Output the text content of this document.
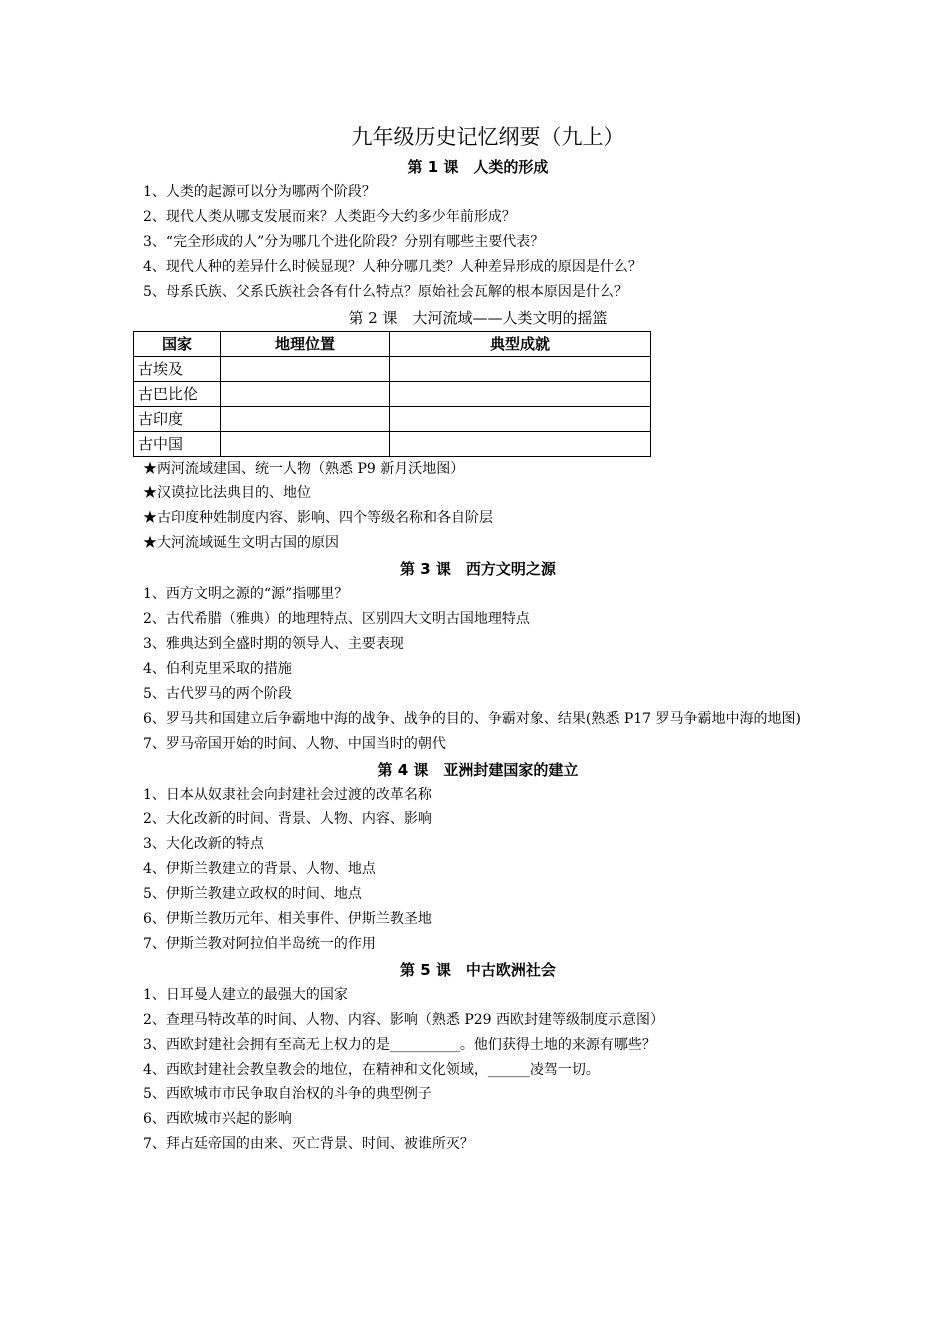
九年级历史记忆纲要（九上）
第 1 课　人类的形成
1、人类的起源可以分为哪两个阶段？
2、现代人类从哪支发展而来？人类距今大约多少年前形成？
3、“完全形成的人”分为哪几个进化阶段？分别有哪些主要代表？
4、现代人种的差异什么时候显现？人种分哪几类？人种差异形成的原因是什么？
5、母系氏族、父系氏族社会各有什么特点？原始社会瓦解的根本原因是什么？
第 2 课　大河流域——人类文明的摇篮
国家	地理位置	典型成就
古埃及		
古巴比伦		
古印度		
古中国		
★两河流域建国、统一人物（熟悉 P9 新月沃地图）
★汉谟拉比法典目的、地位
★古印度种姓制度内容、影响、四个等级名称和各自阶层
★大河流域诞生文明古国的原因
第 3 课　西方文明之源
1、西方文明之源的“源”指哪里？
2、古代希腊（雅典）的地理特点、区别四大文明古国地理特点
3、雅典达到全盛时期的领导人、主要表现
4、伯利克里采取的措施
5、古代罗马的两个阶段
6、罗马共和国建立后争霸地中海的战争、战争的目的、争霸对象、结果(熟悉 P17 罗马争霸地中海的地图)
7、罗马帝国开始的时间、人物、中国当时的朝代
第 4 课　亚洲封建国家的建立
1、日本从奴隶社会向封建社会过渡的改革名称
2、大化改新的时间、背景、人物、内容、影响
3、大化改新的特点
4、伊斯兰教建立的背景、人物、地点
5、伊斯兰教建立政权的时间、地点
6、伊斯兰教历元年、相关事件、伊斯兰教圣地
7、伊斯兰教对阿拉伯半岛统一的作用
第 5 课　中古欧洲社会
1、日耳曼人建立的最强大的国家
2、查理马特改革的时间、人物、内容、影响（熟悉 P29 西欧封建等级制度示意图）
3、西欧封建社会拥有至高无上权力的是__________。他们获得土地的来源有哪些？
4、西欧封建社会教皇教会的地位，在精神和文化领域，______凌驾一切。
5、西欧城市市民争取自治权的斗争的典型例子
6、西欧城市兴起的影响
7、拜占廷帝国的由来、灭亡背景、时间、被谁所灭？
